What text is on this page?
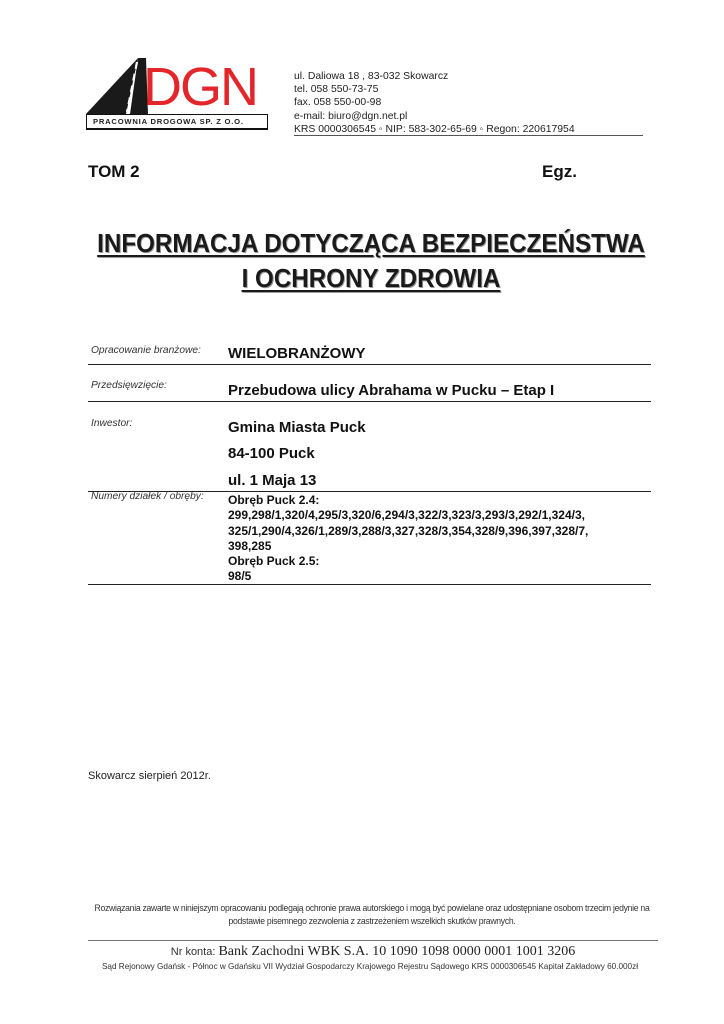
DGN
PRACOWNIA DROGOWA SP. Z O.O.
ul. Daliowa 18 , 83-032 Skowarcz
tel. 058 550-73-75
fax. 058 550-00-98
e-mail: biuro@dgn.net.pl
KRS 0000306545 ◦ NIP: 583-302-65-69 ◦ Regon: 220617954
TOM 2	Egz.
INFORMACJA DOTYCZĄCA BEZPIECZEŃSTWA
I OCHRONY ZDROWIA
Opracowanie branżowe: WIELOBRANŻOWY
Przedsięwzięcie:	Przebudowa ulicy Abrahama w Pucku – Etap I
Inwestor:	Gmina Miasta Puck
84-100 Puck
ul. 1 Maja 13
Numery działek / obręby: Obręb Puck 2.4:
299,298/1,320/4,295/3,320/6,294/3,322/3,323/3,293/3,292/1,324/3,
325/1,290/4,326/1,289/3,288/3,327,328/3,354,328/9,396,397,328/7,
398,285
Obręb Puck 2.5:
98/5
Skowarcz sierpień 2012r.
Rozwiązania zawarte w niniejszym opracowaniu podlegają ochronie prawa autorskiego i mogą być powielane oraz udostępniane osobom trzecim jedynie na podstawie pisemnego zezwolenia z zastrzeżeniem wszelkich skutków prawnych.
Nr konta: Bank Zachodni WBK S.A. 10 1090 1098 0000 0001 1001 3206
Sąd Rejonowy Gdańsk - Północ w Gdańsku VII Wydział Gospodarczy Krajowego Rejestru Sądowego KRS 0000306545 Kapitał Zakładowy 60.000zł
